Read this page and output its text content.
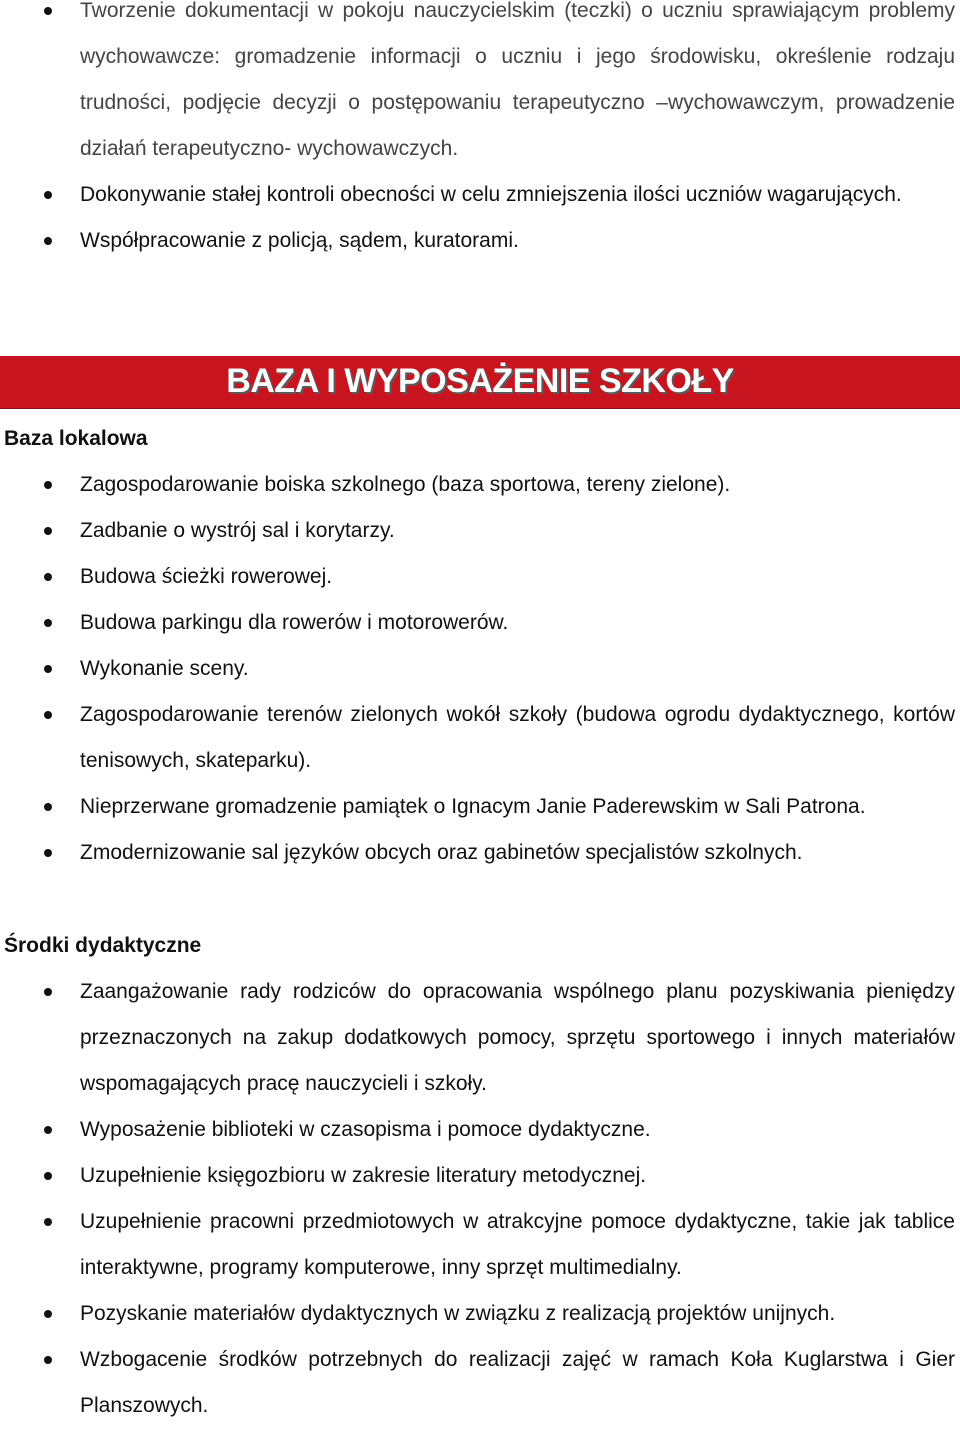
Tworzenie dokumentacji w pokoju nauczycielskim (teczki) o uczniu sprawiającym problemy wychowawcze: gromadzenie informacji o uczniu i jego środowisku, określenie rodzaju trudności, podjęcie decyzji o postępowaniu terapeutyczno –wychowawczym, prowadzenie działań terapeutyczno- wychowawczych.
Dokonywanie stałej kontroli obecności w celu zmniejszenia ilości uczniów wagarujących.
Współpracowanie z policją, sądem, kuratorami.
BAZA I WYPOSAŻENIE SZKOŁY
Baza lokalowa
Zagospodarowanie boiska szkolnego (baza sportowa, tereny zielone).
Zadbanie o wystrój sal i korytarzy.
Budowa ścieżki rowerowej.
Budowa parkingu dla rowerów i motorowerów.
Wykonanie sceny.
Zagospodarowanie terenów zielonych wokół szkoły (budowa ogrodu dydaktycznego, kortów tenisowych, skateparku).
Nieprzerwane gromadzenie pamiątek o Ignacym Janie Paderewskim w Sali Patrona.
Zmodernizowanie sal języków obcych oraz gabinetów specjalistów szkolnych.
Środki dydaktyczne
Zaangażowanie rady rodziców do opracowania wspólnego planu pozyskiwania pieniędzy przeznaczonych na zakup dodatkowych pomocy, sprzętu sportowego i innych materiałów wspomagających pracę nauczycieli i szkoły.
Wyposażenie biblioteki w czasopisma i pomoce dydaktyczne.
Uzupełnienie księgozbioru w zakresie literatury metodycznej.
Uzupełnienie pracowni przedmiotowych w atrakcyjne pomoce dydaktyczne, takie jak tablice interaktywne, programy komputerowe, inny sprzęt multimedialny.
Pozyskanie materiałów dydaktycznych w związku z realizacją projektów unijnych.
Wzbogacenie środków potrzebnych do realizacji zajęć w ramach Koła Kuglarstwa i Gier Planszowych.
